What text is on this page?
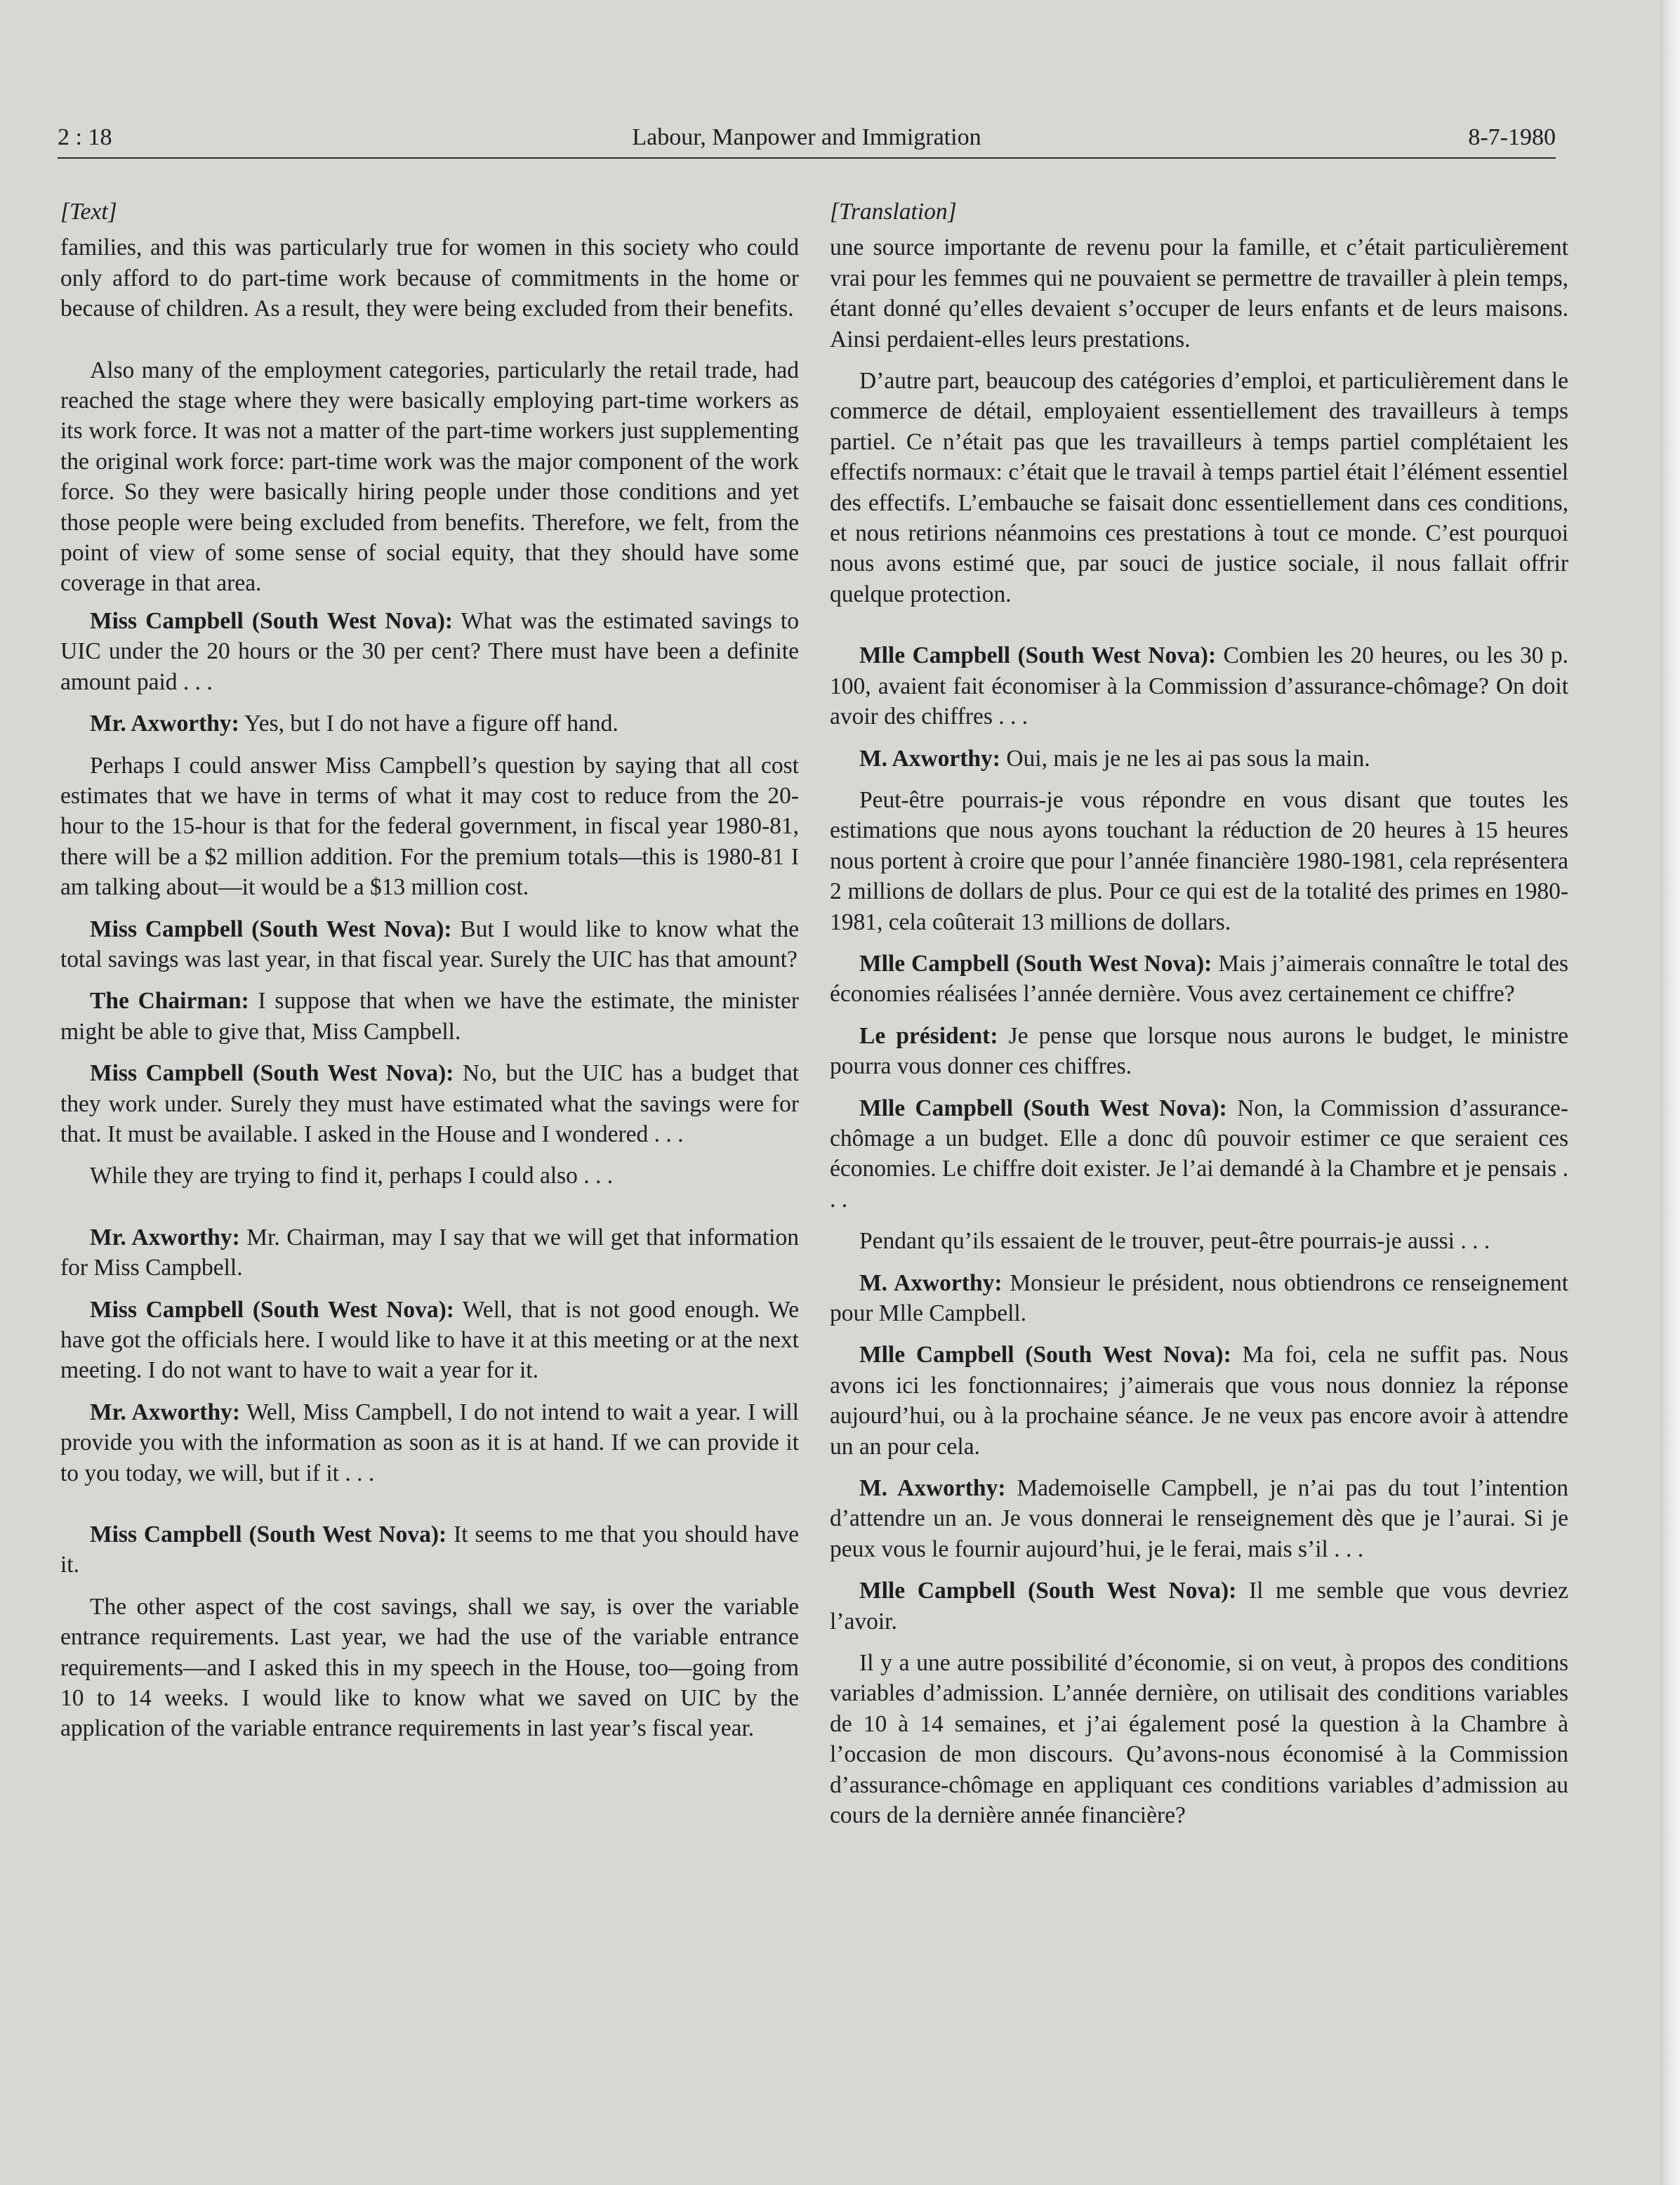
2 : 18	Labour, Manpower and Immigration	8-7-1980
[Text]

families, and this was particularly true for women in this society who could only afford to do part-time work because of commitments in the home or because of children. As a result, they were being excluded from their benefits.

Also many of the employment categories, particularly the retail trade, had reached the stage where they were basically employing part-time workers as its work force. It was not a matter of the part-time workers just supplementing the original work force: part-time work was the major component of the work force. So they were basically hiring people under those conditions and yet those people were being excluded from benefits. Therefore, we felt, from the point of view of some sense of social equity, that they should have some coverage in that area.

Miss Campbell (South West Nova): What was the estimated savings to UIC under the 20 hours or the 30 per cent? There must have been a definite amount paid . . .

Mr. Axworthy: Yes, but I do not have a figure off hand.

Perhaps I could answer Miss Campbell’s question by saying that all cost estimates that we have in terms of what it may cost to reduce from the 20-hour to the 15-hour is that for the federal government, in fiscal year 1980-81, there will be a $2 million addition. For the premium totals—this is 1980-81 I am talking about—it would be a $13 million cost.

Miss Campbell (South West Nova): But I would like to know what the total savings was last year, in that fiscal year. Surely the UIC has that amount?

The Chairman: I suppose that when we have the estimate, the minister might be able to give that, Miss Campbell.

Miss Campbell (South West Nova): No, but the UIC has a budget that they work under. Surely they must have estimated what the savings were for that. It must be available. I asked in the House and I wondered . . .

While they are trying to find it, perhaps I could also . . .

Mr. Axworthy: Mr. Chairman, may I say that we will get that information for Miss Campbell.

Miss Campbell (South West Nova): Well, that is not good enough. We have got the officials here. I would like to have it at this meeting or at the next meeting. I do not want to have to wait a year for it.

Mr. Axworthy: Well, Miss Campbell, I do not intend to wait a year. I will provide you with the information as soon as it is at hand. If we can provide it to you today, we will, but if it . . .

Miss Campbell (South West Nova): It seems to me that you should have it.

The other aspect of the cost savings, shall we say, is over the variable entrance requirements. Last year, we had the use of the variable entrance requirements—and I asked this in my speech in the House, too—going from 10 to 14 weeks. I would like to know what we saved on UIC by the application of the variable entrance requirements in last year’s fiscal year.

[Translation]

une source importante de revenu pour la famille, et c’était particulièrement vrai pour les femmes qui ne pouvaient se permettre de travailler à plein temps, étant donné qu’elles devaient s’occuper de leurs enfants et de leurs maisons. Ainsi perdaient-elles leurs prestations.

D’autre part, beaucoup des catégories d’emploi, et particulièrement dans le commerce de détail, employaient essentiellement des travailleurs à temps partiel. Ce n’était pas que les travailleurs à temps partiel complétaient les effectifs normaux: c’était que le travail à temps partiel était l’élément essentiel des effectifs. L’embauche se faisait donc essentiellement dans ces conditions, et nous retirions néanmoins ces prestations à tout ce monde. C’est pourquoi nous avons estimé que, par souci de justice sociale, il nous fallait offrir quelque protection.

Mlle Campbell (South West Nova): Combien les 20 heures, ou les 30 p. 100, avaient fait économiser à la Commission d’assurance-chômage? On doit avoir des chiffres . . .

M. Axworthy: Oui, mais je ne les ai pas sous la main.

Peut-être pourrais-je vous répondre en vous disant que toutes les estimations que nous ayons touchant la réduction de 20 heures à 15 heures nous portent à croire que pour l’année financière 1980-1981, cela représentera 2 millions de dollars de plus. Pour ce qui est de la totalité des primes en 1980-1981, cela coûterait 13 millions de dollars.

Mlle Campbell (South West Nova): Mais j’aimerais connaître le total des économies réalisées l’année dernière. Vous avez certainement ce chiffre?

Le président: Je pense que lorsque nous aurons le budget, le ministre pourra vous donner ces chiffres.

Mlle Campbell (South West Nova): Non, la Commission d’assurance-chômage a un budget. Elle a donc dû pouvoir estimer ce que seraient ces économies. Le chiffre doit exister. Je l’ai demandé à la Chambre et je pensais . . .

Pendant qu’ils essaient de le trouver, peut-être pourrais-je aussi . . .

M. Axworthy: Monsieur le président, nous obtiendrons ce renseignement pour Mlle Campbell.

Mlle Campbell (South West Nova): Ma foi, cela ne suffit pas. Nous avons ici les fonctionnaires; j’aimerais que vous nous donniez la réponse aujourd’hui, ou à la prochaine séance. Je ne veux pas encore avoir à attendre un an pour cela.

M. Axworthy: Mademoiselle Campbell, je n’ai pas du tout l’intention d’attendre un an. Je vous donnerai le renseignement dès que je l’aurai. Si je peux vous le fournir aujourd’hui, je le ferai, mais s’il . . .

Mlle Campbell (South West Nova): Il me semble que vous devriez l’avoir.

Il y a une autre possibilité d’économie, si on veut, à propos des conditions variables d’admission. L’année dernière, on utilisait des conditions variables de 10 à 14 semaines, et j’ai également posé la question à la Chambre à l’occasion de mon discours. Qu’avons-nous économisé à la Commission d’assurance-chômage en appliquant ces conditions variables d’admission au cours de la dernière année financière?
